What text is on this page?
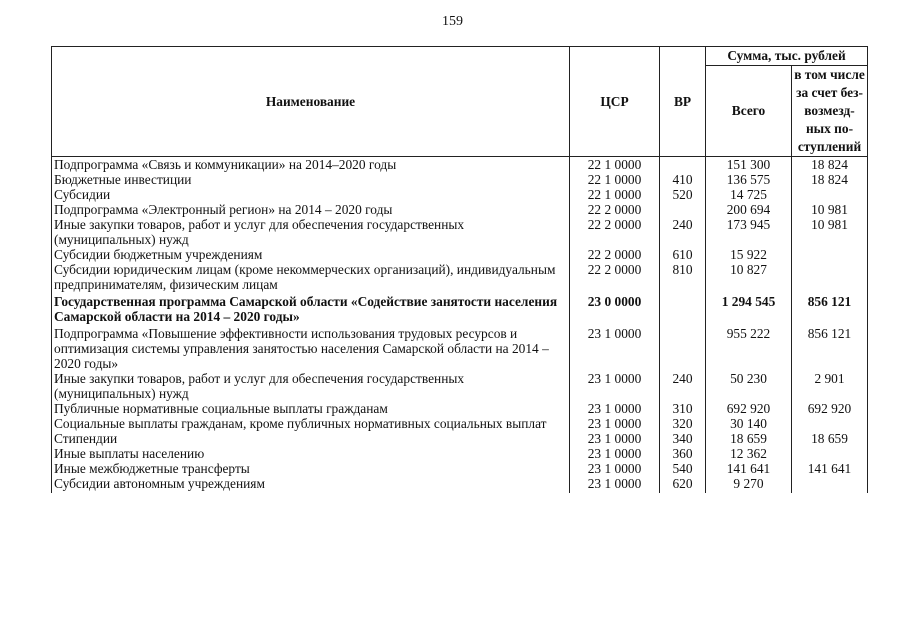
159
Наименование	ЦСР	ВР	Сумма, тыс. рублей	
			Всего	в том числе за счет без-возмезд-ных по-ступлений
Подпрограмма «Связь и коммуникации» на 2014–2020 годы	22 1 0000		151 300	18 824
Бюджетные инвестиции	22 1 0000	410	136 575	18 824
Субсидии	22 1 0000	520	14 725	
Подпрограмма «Электронный регион» на 2014 – 2020 годы	22 2 0000		200 694	10 981
Иные закупки товаров, работ и услуг для обеспечения государственных (муниципальных) нужд	22 2 0000	240	173 945	10 981
Субсидии бюджетным учреждениям	22 2 0000	610	15 922	
Субсидии юридическим лицам (кроме некоммерческих организаций), индивидуальным предпринимателям, физическим лицам	22 2 0000	810	10 827	
Государственная программа Самарской области «Содействие занятости населения Самарской области на 2014 – 2020 годы»	23 0 0000		1 294 545	856 121
Подпрограмма «Повышение эффективности использования трудовых ресурсов и оптимизация системы управления занятостью населения Самарской области на 2014 – 2020 годы»	23 1 0000		955 222	856 121
Иные закупки товаров, работ и услуг для обеспечения государственных (муниципальных) нужд	23 1 0000	240	50 230	2 901
Публичные нормативные социальные выплаты гражданам	23 1 0000	310	692 920	692 920
Социальные выплаты гражданам, кроме публичных нормативных социальных выплат	23 1 0000	320	30 140	
Стипендии	23 1 0000	340	18 659	18 659
Иные выплаты населению	23 1 0000	360	12 362	
Иные межбюджетные трансферты	23 1 0000	540	141 641	141 641
Субсидии автономным учреждениям	23 1 0000	620	9 270	
